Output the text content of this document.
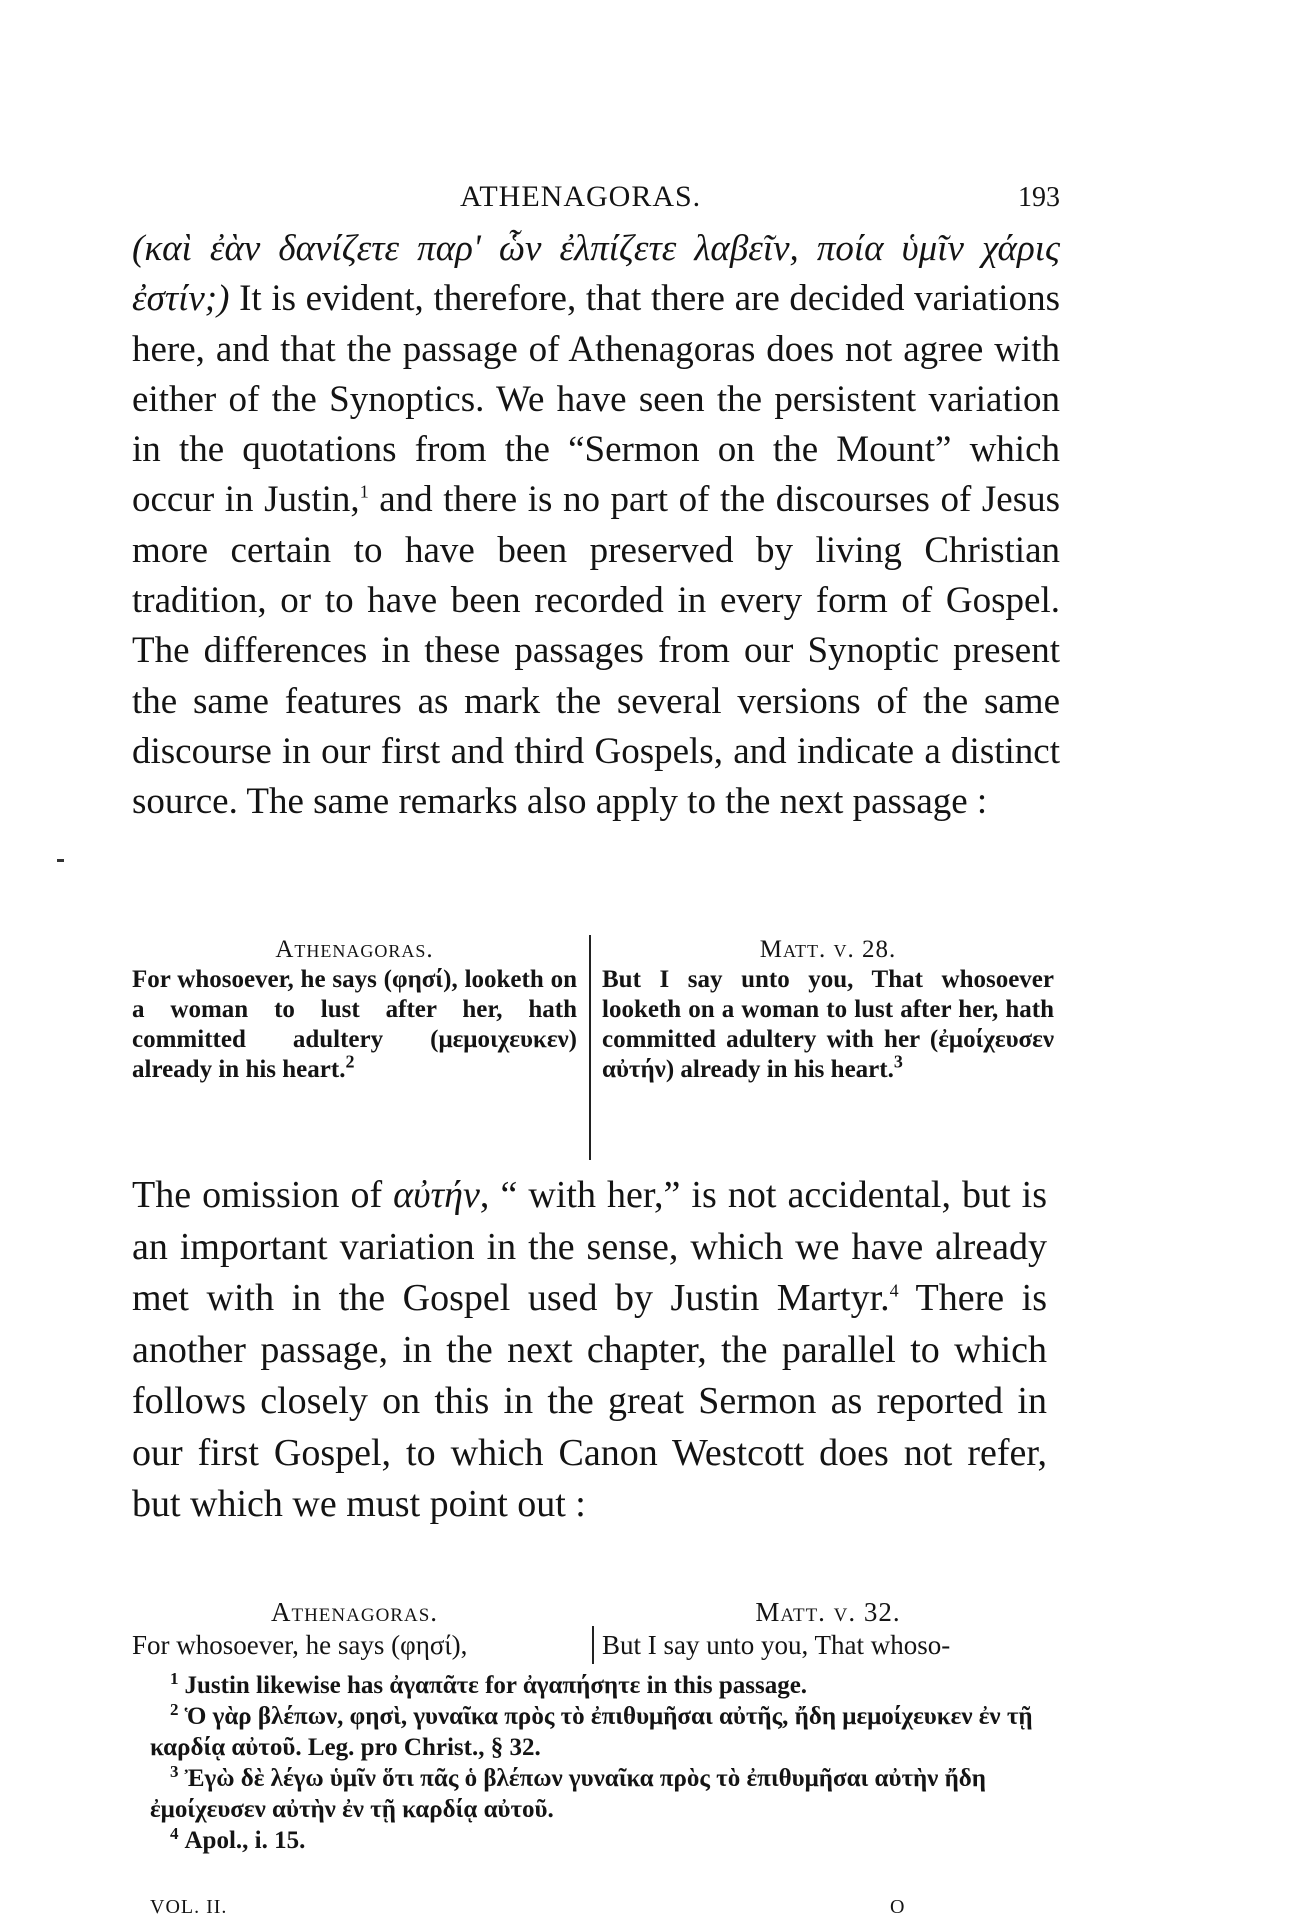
ATHENAGORAS.	193
(καὶ ἐὰν δανίζετε παρ' ὧν ἐλπίζετε λαβεῖν, ποία ὑμῖν χάρις ἐστίν;) It is evident, therefore, that there are decided variations here, and that the passage of Athenagoras does not agree with either of the Synoptics. We have seen the persistent variation in the quotations from the “Sermon on the Mount” which occur in Justin,$^1$ and there is no part of the discourses of Jesus more certain to have been preserved by living Christian tradition, or to have been recorded in every form of Gospel. The differences in these passages from our Synoptic present the same features as mark the several versions of the same discourse in our first and third Gospels, and indicate a distinct source. The same remarks also apply to the next passage :
Athenagoras.
For whosoever, he says (φησί), looketh on a woman to lust after her, hath committed adultery (μεμοιχευκεν) already in his heart.$^2$
Matt. v. 28.
But I say unto you, That whosoever looketh on a woman to lust after her, hath committed adultery with her (ἐμοίχευσεν αὐτήν) already in his heart.$^3$
The omission of αὐτήν, “ with her,” is not accidental, but is an important variation in the sense, which we have already met with in the Gospel used by Justin Martyr.$^4$ There is another passage, in the next chapter, the parallel to which follows closely on this in the great Sermon as reported in our first Gospel, to which Canon Westcott does not refer, but which we must point out :
Athenagoras.
For whosoever, he says (φησί),
Matt. v. 32.
But I say unto you, That whoso-
$^1$ Justin likewise has ἀγαπᾶτε for ἀγαπήσητε in this passage.
$^2$ Ὁ γὰρ βλέπων, φησὶ, γυναῖκα πρὸς τὸ ἐπιθυμῆσαι αὐτῆς, ἤδη μεμοίχευκεν ἐν τῇ καρδίᾳ αὐτοῦ. Leg. pro Christ., § 32.
$^3$ Ἐγὼ δὲ λέγω ὑμῖν ὅτι πᾶς ὁ βλέπων γυναῖκα πρὸς τὸ ἐπιθυμῆσαι αὐτὴν ἤδη ἐμοίχευσεν αὐτὴν ἐν τῇ καρδίᾳ αὐτοῦ.
$^4$ Apol., i. 15.
VOL. II.	O
